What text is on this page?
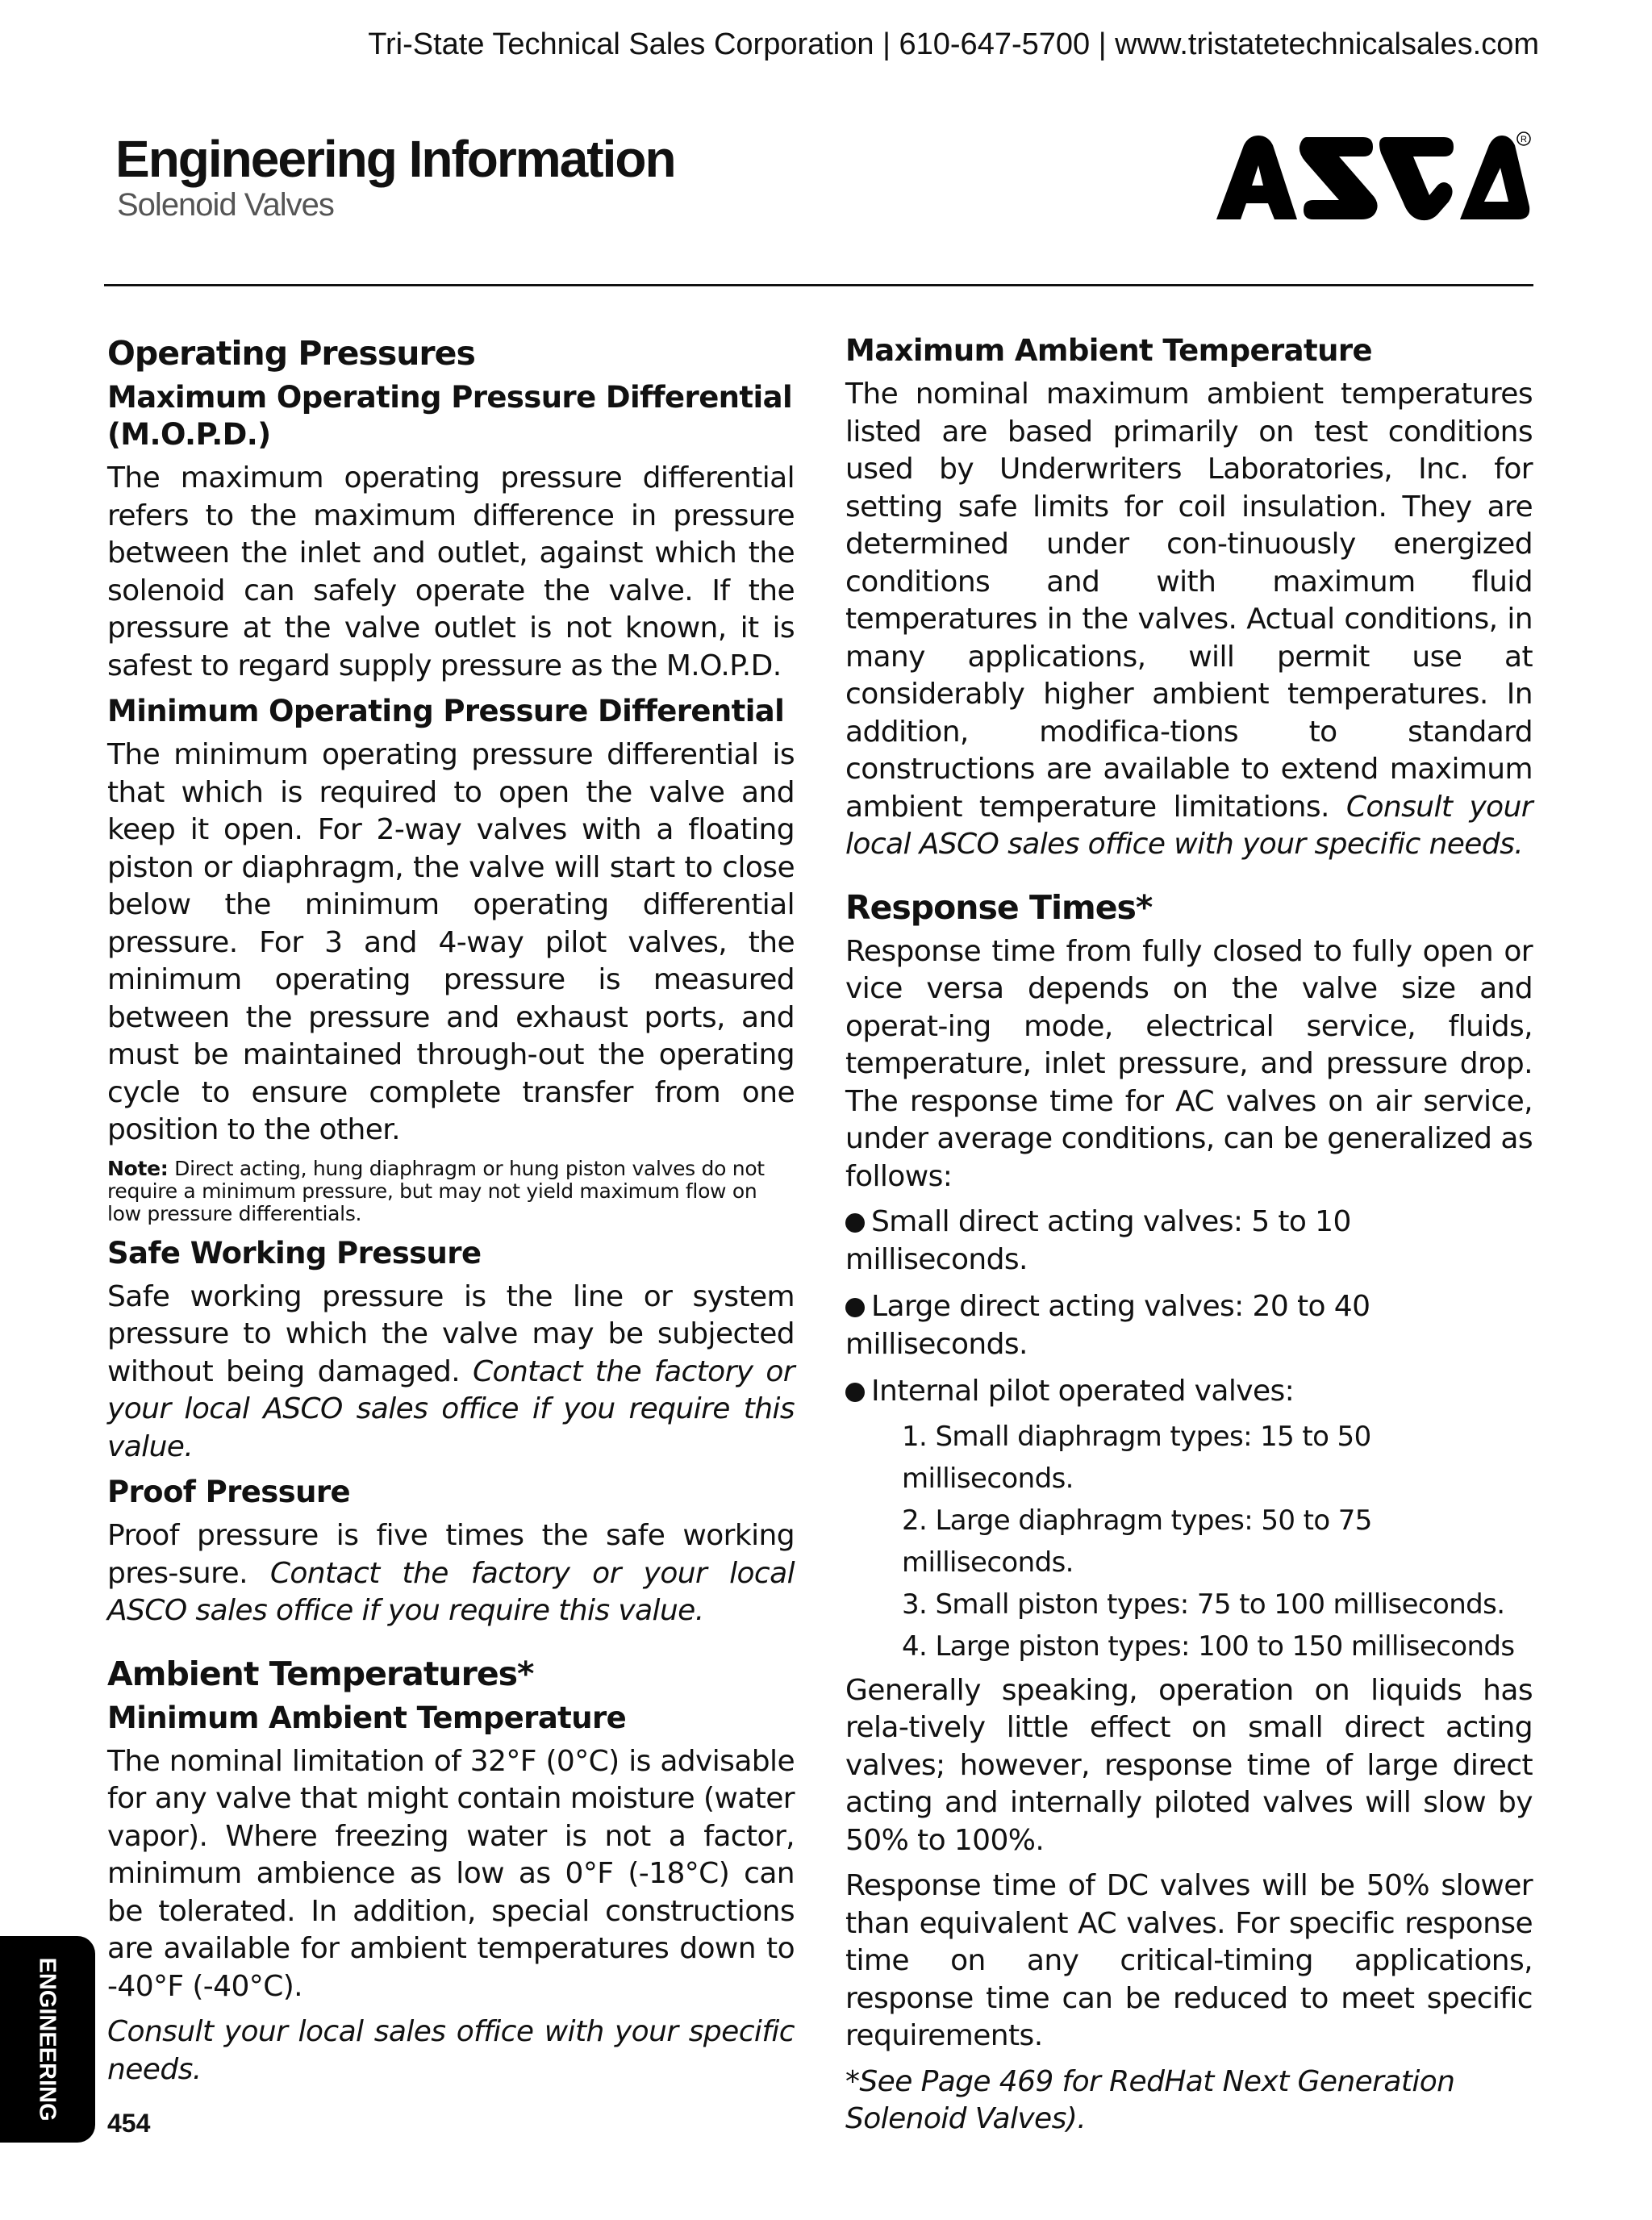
Tri-State Technical Sales Corporation | 610-647-5700 | www.tristatetechnicalsales.com
Engineering Information
Solenoid Valves
R
Operating Pressures
Maximum Operating Pressure Differential (M.O.P.D.)

The maximum operating pressure differential refers to the maximum difference in pressure between the inlet and outlet, against which the solenoid can safely operate the valve. If the pressure at the valve outlet is not known, it is safest to regard supply pressure as the M.O.P.D.

Minimum Operating Pressure Differential

The minimum operating pressure differential is that which is required to open the valve and keep it open. For 2-way valves with a floating piston or diaphragm, the valve will start to close below the minimum operating differential pressure. For 3 and 4-way pilot valves, the minimum operating pressure is measured between the pressure and exhaust ports, and must be maintained through-out the operating cycle to ensure complete transfer from one position to the other.

Note: Direct acting, hung diaphragm or hung piston valves do not require a minimum pressure, but may not yield maximum flow on low pressure differentials.

Safe Working Pressure

Safe working pressure is the line or system pressure to which the valve may be subjected without being damaged. Contact the factory or your local ASCO sales office if you require this value.

Proof Pressure

Proof pressure is five times the safe working pres-sure. Contact the factory or your local ASCO sales office if you require this value.

Ambient Temperatures*
Minimum Ambient Temperature

The nominal limitation of 32°F (0°C) is advisable for any valve that might contain moisture (water vapor). Where freezing water is not a factor, minimum ambience as low as 0°F (-18°C) can be tolerated. In addition, special constructions are available for ambient temperatures down to -40°F (-40°C).

Consult your local sales office with your specific needs.

Maximum Ambient Temperature

The nominal maximum ambient temperatures listed are based primarily on test conditions used by Underwriters Laboratories, Inc. for setting safe limits for coil insulation. They are determined under con-tinuously energized conditions and with maximum fluid temperatures in the valves. Actual conditions, in many applications, will permit use at considerably higher ambient temperatures. In addition, modifica-tions to standard constructions are available to extend maximum ambient temperature limitations. Consult your local ASCO sales office with your specific needs.

Response Times*

Response time from fully closed to fully open or vice versa depends on the valve size and operat-ing mode, electrical service, fluids, temperature, inlet pressure, and pressure drop. The response time for AC valves on air service, under average conditions, can be generalized as follows:

Small direct acting valves: 5 to 10 milliseconds.
Large direct acting valves: 20 to 40 milliseconds.
Internal pilot operated valves:
1. Small diaphragm types: 15 to 50 milliseconds.
2. Large diaphragm types: 50 to 75 milliseconds.
3. Small piston types: 75 to 100 milliseconds.
4. Large piston types: 100 to 150 milliseconds

Generally speaking, operation on liquids has rela-tively little effect on small direct acting valves; however, response time of large direct acting and internally piloted valves will slow by 50% to 100%.

Response time of DC valves will be 50% slower than equivalent AC valves. For specific response time on any critical-timing applications, response time can be reduced to meet specific requirements.

*See Page 469 for RedHat Next Generation Solenoid Valves).

ENGINEERING
454
